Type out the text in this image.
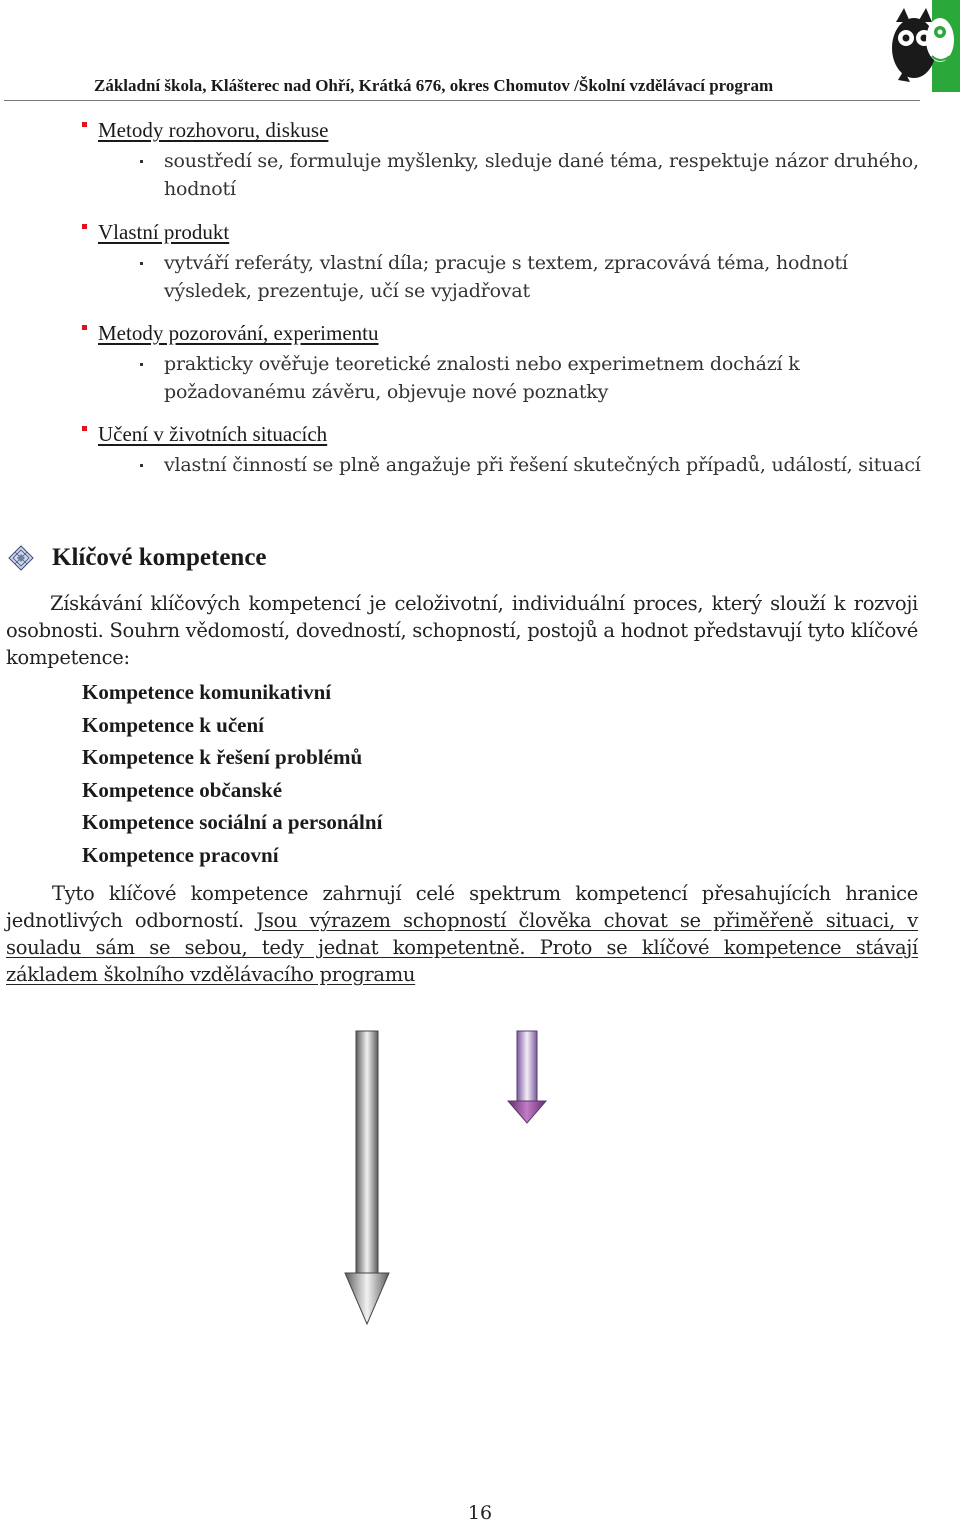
Základní škola, Klášterec nad Ohří, Krátká 676, okres Chomutov /Školní vzdělávací program
Metody rozhovoru, diskuse
soustředí se, formuluje myšlenky, sleduje dané téma, respektuje názor druhého, hodnotí
Vlastní produkt
vytváří referáty, vlastní díla; pracuje s textem, zpracovává téma, hodnotí výsledek, prezentuje, učí se vyjadřovat
Metody pozorování, experimentu
prakticky ověřuje teoretické znalosti nebo experimetnem dochází k požadovanému závěru, objevuje nové poznatky
Učení v životních situacích
vlastní činností se plně angažuje při řešení skutečných případů, událostí, situací
Klíčové kompetence
Získávání klíčových kompetencí je celoživotní, individuální proces, který slouží k rozvoji osobnosti. Souhrn vědomostí, dovedností, schopností, postojů a hodnot představují tyto klíčové kompetence:
Kompetence komunikativní
Kompetence k učení
Kompetence k řešení problémů
Kompetence občanské
Kompetence sociální a personální
Kompetence pracovní
Tyto klíčové kompetence zahrnují celé spektrum kompetencí přesahujících hranice jednotlivých odborností. Jsou výrazem schopností člověka chovat se přiměřeně situaci, v souladu sám se sebou, tedy jednat kompetentně. Proto se klíčové kompetence stávají základem školního vzdělávacího programu
16
